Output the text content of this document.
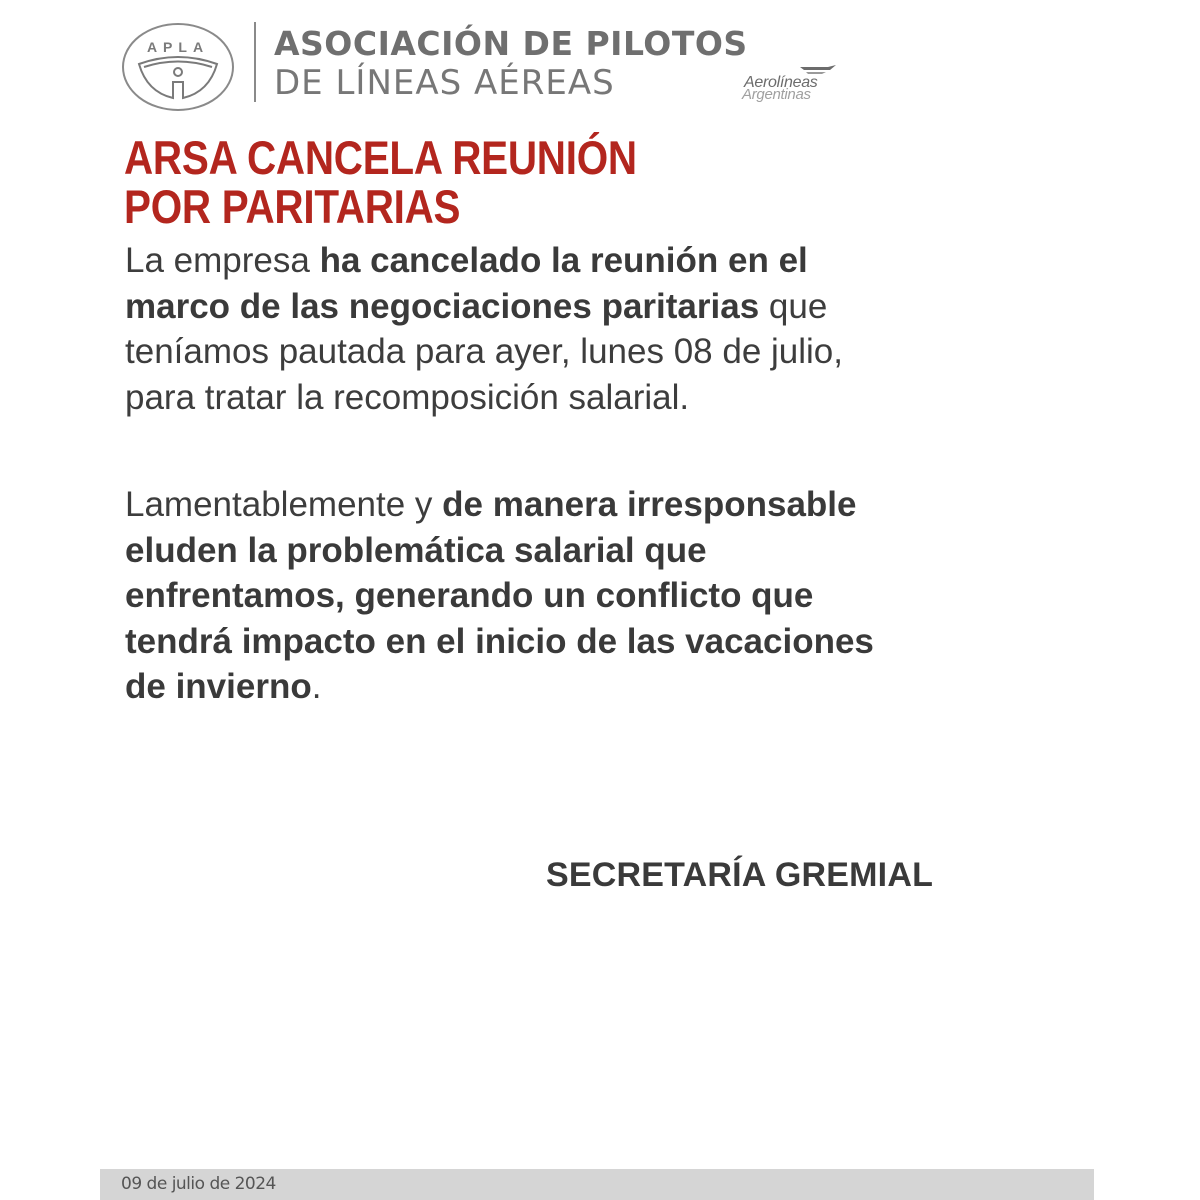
APLA ASOCIACIÓN DE PILOTOS
DE LÍNEAS AÉREAS	Aerolíneas
Argentinas
ARSA CANCELA REUNIÓN
POR PARITARIAS
La empresa ha cancelado la reunión en el
marco de las negociaciones paritarias que
teníamos pautada para ayer, lunes 08 de julio,
para tratar la recomposición salarial.
Lamentablemente y de manera irresponsable
eluden la problemática salarial que
enfrentamos, generando un conflicto que
tendrá impacto en el inicio de las vacaciones
de invierno.
SECRETARÍA GREMIAL
09 de julio de 2024
